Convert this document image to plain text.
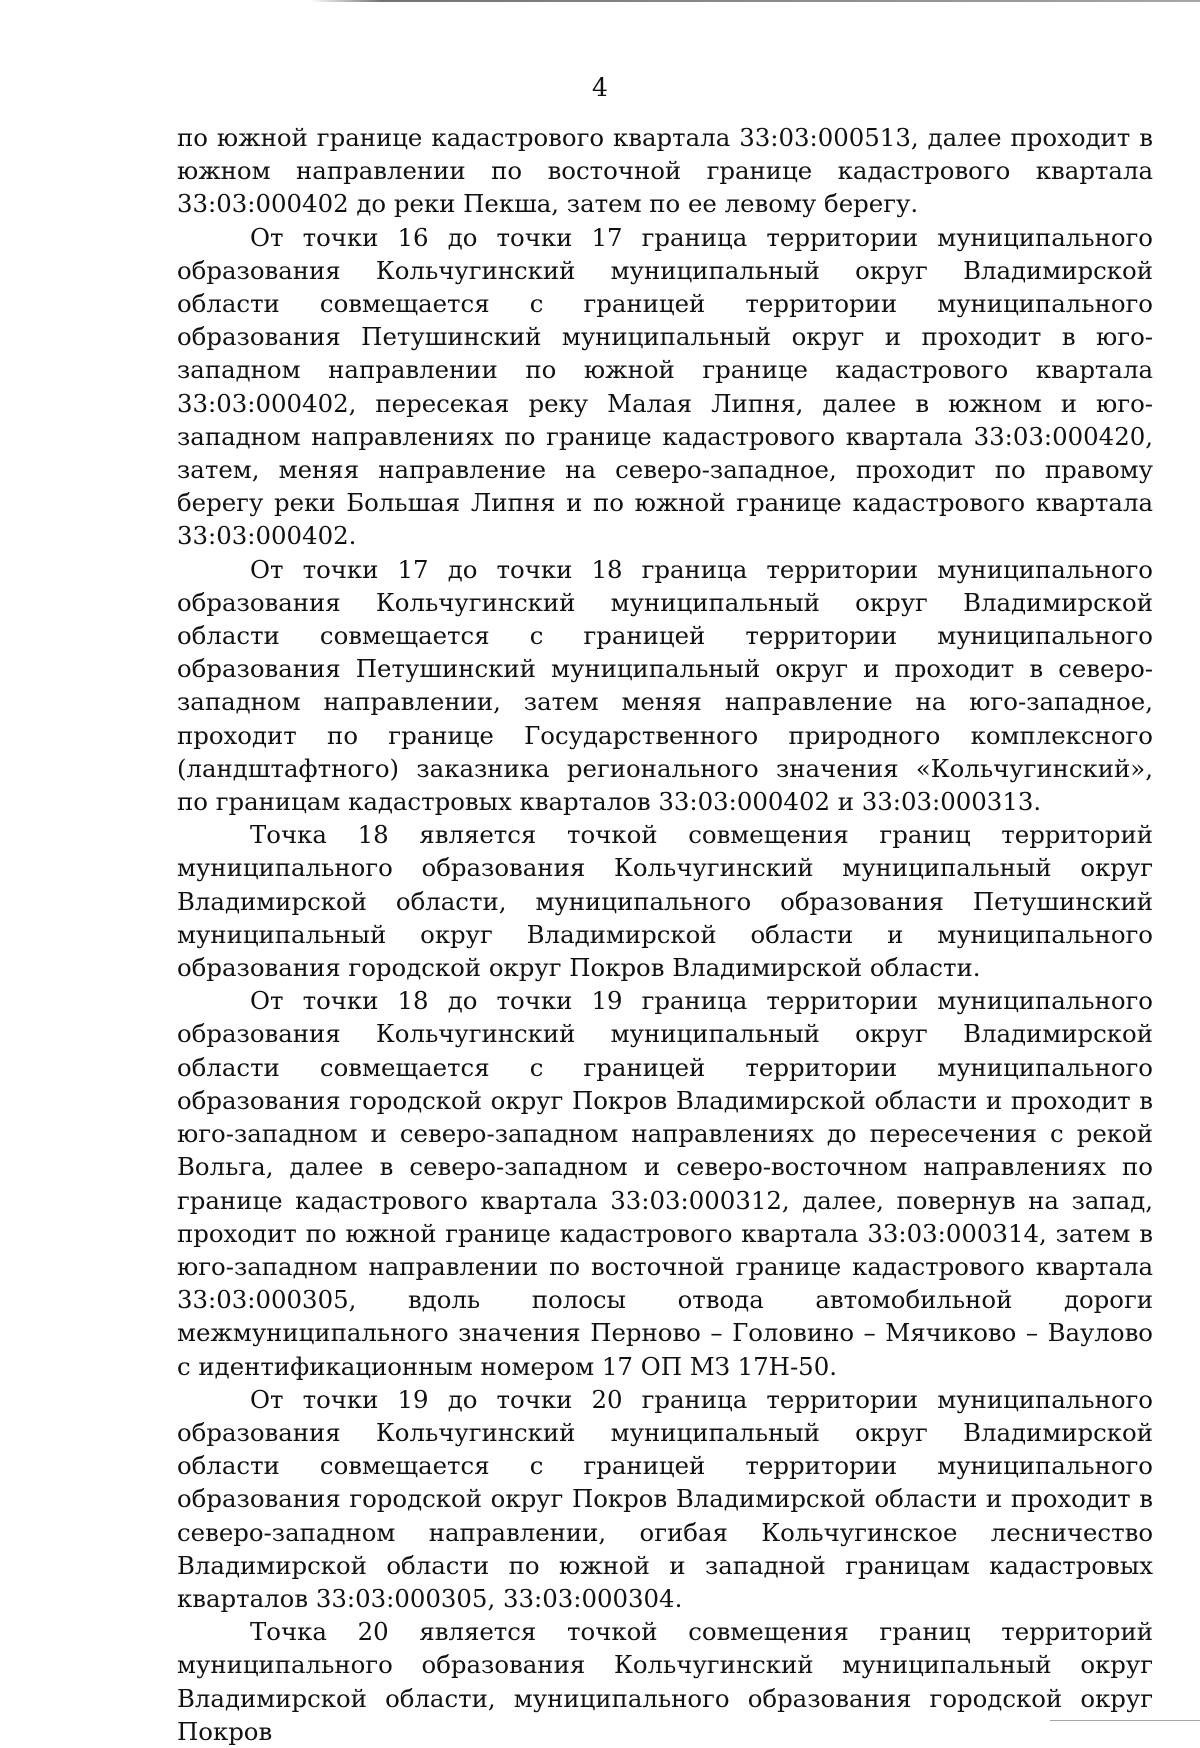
4

по южной границе кадастрового квартала 33:03:000513, далее проходит в южном направлении по восточной границе кадастрового квартала 33:03:000402 до реки Пекша, затем по ее левому берегу.

От точки 16 до точки 17 граница территории муниципального образования Кольчугинский муниципальный округ Владимирской области совмещается с границей территории муниципального образования Петушинский муниципальный округ и проходит в юго-западном направлении по южной границе кадастрового квартала 33:03:000402, пересекая реку Малая Липня, далее в южном и юго-западном направлениях по границе кадастрового квартала 33:03:000420, затем, меняя направление на северо-западное, проходит по правому берегу реки Большая Липня и по южной границе кадастрового квартала 33:03:000402.

От точки 17 до точки 18 граница территории муниципального образования Кольчугинский муниципальный округ Владимирской области совмещается с границей территории муниципального образования Петушинский муниципальный округ и проходит в северо-западном направлении, затем меняя направление на юго-западное, проходит по границе Государственного природного комплексного (ландштафтного) заказника регионального значения «Кольчугинский», по границам кадастровых кварталов 33:03:000402 и 33:03:000313.

Точка 18 является точкой совмещения границ территорий муниципального образования Кольчугинский муниципальный округ Владимирской области, муниципального образования Петушинский муниципальный округ Владимирской области и муниципального образования городской округ Покров Владимирской области.

От точки 18 до точки 19 граница территории муниципального образования Кольчугинский муниципальный округ Владимирской области совмещается с границей территории муниципального образования городской округ Покров Владимирской области и проходит в юго-западном и северо-западном направлениях до пересечения с рекой Вольга, далее в северо-западном и северо-восточном направлениях по границе кадастрового квартала 33:03:000312, далее, повернув на запад, проходит по южной границе кадастрового квартала 33:03:000314, затем в юго-западном направлении по восточной границе кадастрового квартала 33:03:000305, вдоль полосы отвода автомобильной дороги межмуниципального значения Перново – Головино – Мячиково – Ваулово с идентификационным номером 17 ОП МЗ 17Н-50.

От точки 19 до точки 20 граница территории муниципального образования Кольчугинский муниципальный округ Владимирской области совмещается с границей территории муниципального образования городской округ Покров Владимирской области и проходит в северо-западном направлении, огибая Кольчугинское лесничество Владимирской области по южной и западной границам кадастровых кварталов 33:03:000305, 33:03:000304.

Точка 20 является точкой совмещения границ территорий муниципального образования Кольчугинский муниципальный округ Владимирской области, муниципального образования городской округ Покров
